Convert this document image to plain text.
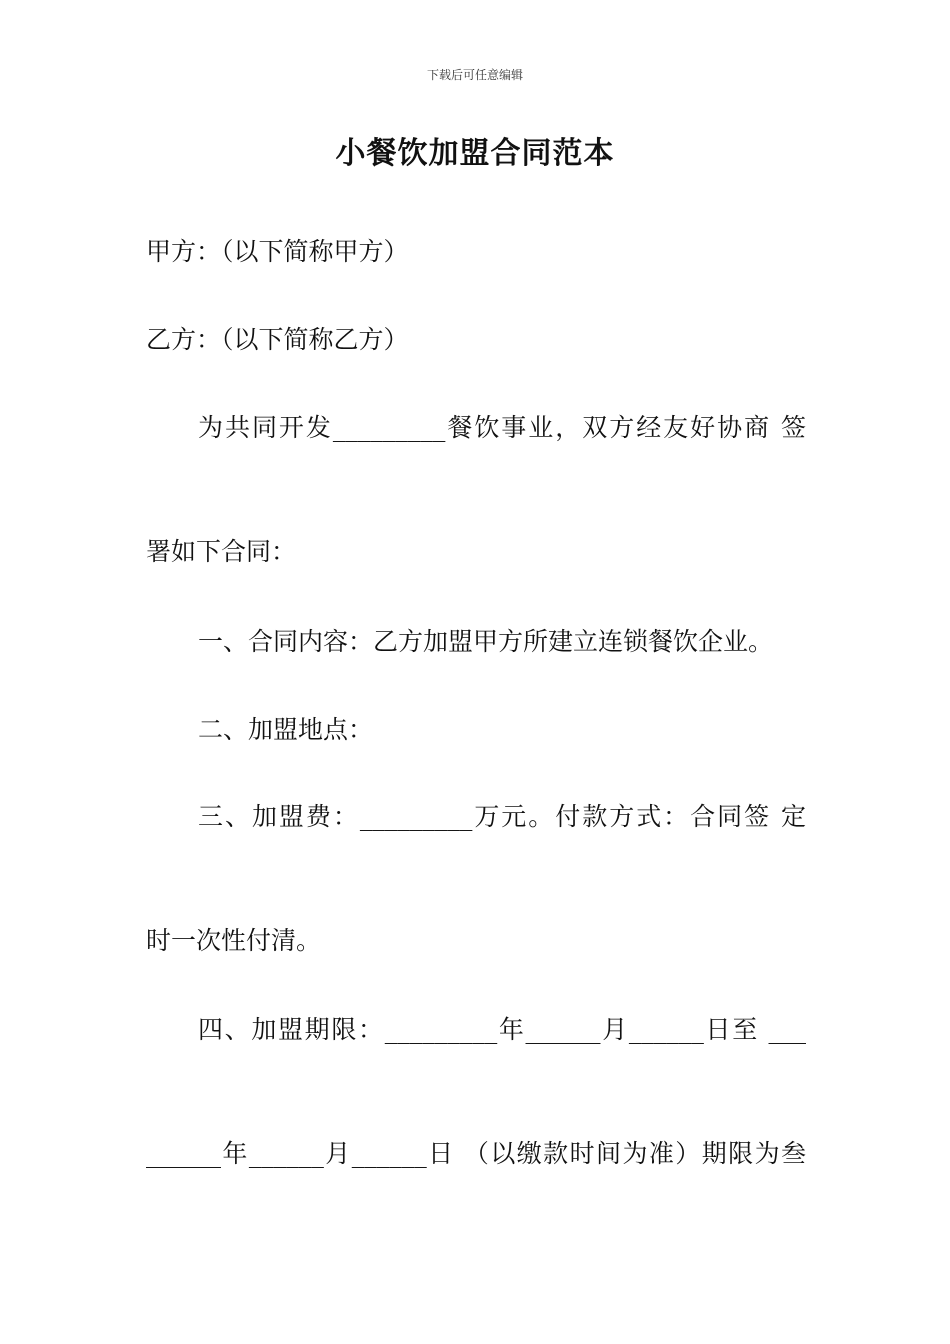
下载后可任意编辑
小餐饮加盟合同范本
甲方：（以下简称甲方）
乙方：（以下简称乙方）
为共同开发_________餐饮事业，双方经友好协商 签
署如下合同：
一、合同内容：乙方加盟甲方所建立连锁餐饮企业。
二、加盟地点：
三、加盟费：_________万元。付款方式：合同签 定
时一次性付清。
四、加盟期限：_________年______月______日至 ___
______年______月______日 （以缴款时间为准）期限为叁
